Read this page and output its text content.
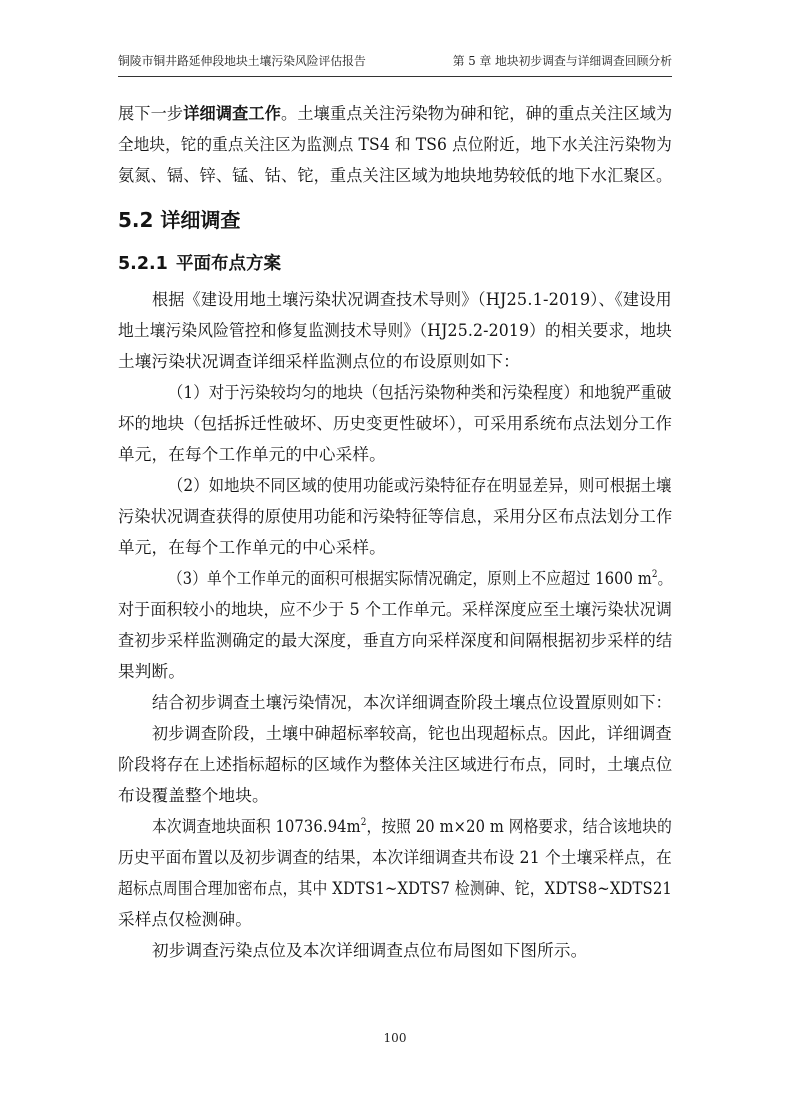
铜陵市铜井路延伸段地块土壤污染风险评估报告	第 5 章 地块初步调查与详细调查回顾分析
展下一步详细调查工作。土壤重点关注污染物为砷和铊，砷的重点关注区域为
全地块，铊的重点关注区为监测点 TS4 和 TS6 点位附近，地下水关注污染物为
氨氮、镉、锌、锰、钴、铊，重点关注区域为地块地势较低的地下水汇聚区。
5.2 详细调查
5.2.1 平面布点方案
根据《建设用地土壤污染状况调查技术导则》（HJ25.1-2019）、《建设用
地土壤污染风险管控和修复监测技术导则》（HJ25.2-2019）的相关要求，地块
土壤污染状况调查详细采样监测点位的布设原则如下：
（1）对于污染较均匀的地块（包括污染物种类和污染程度）和地貌严重破
坏的地块（包括拆迁性破坏、历史变更性破坏），可采用系统布点法划分工作
单元，在每个工作单元的中心采样。
（2）如地块不同区域的使用功能或污染特征存在明显差异，则可根据土壤
污染状况调查获得的原使用功能和污染特征等信息，采用分区布点法划分工作
单元，在每个工作单元的中心采样。
（3）单个工作单元的面积可根据实际情况确定，原则上不应超过 1600 $m^2$。
对于面积较小的地块，应不少于 5 个工作单元。采样深度应至土壤污染状况调
查初步采样监测确定的最大深度，垂直方向采样深度和间隔根据初步采样的结
果判断。
结合初步调查土壤污染情况，本次详细调查阶段土壤点位设置原则如下：
初步调查阶段，土壤中砷超标率较高，铊也出现超标点。因此，详细调查
阶段将存在上述指标超标的区域作为整体关注区域进行布点，同时，土壤点位
布设覆盖整个地块。
本次调查地块面积 $10736.94m^2$，按照 20 m×20 m 网格要求，结合该地块的
历史平面布置以及初步调查的结果，本次详细调查共布设 21 个土壤采样点，在
超标点周围合理加密布点，其中 XDTS1~XDTS7 检测砷、铊，XDTS8~XDTS21
采样点仅检测砷。
初步调查污染点位及本次详细调查点位布局图如下图所示。
100
